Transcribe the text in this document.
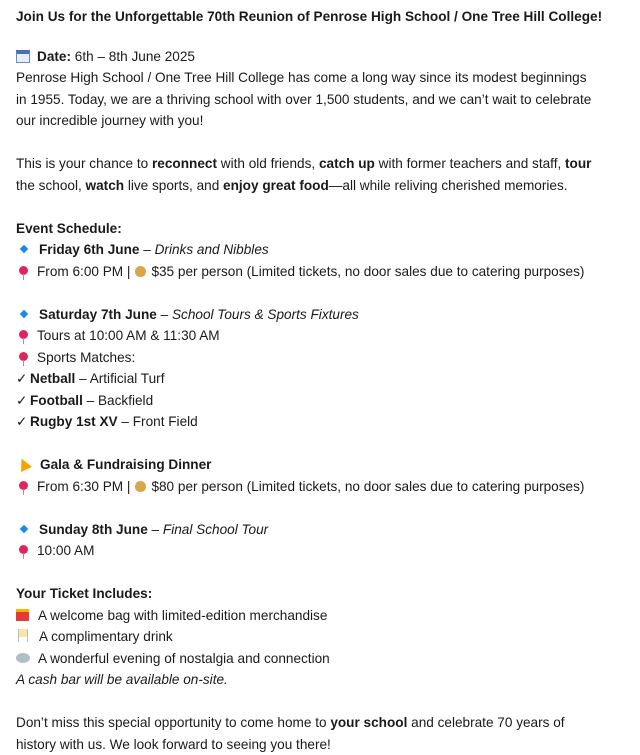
Join Us for the Unforgettable 70th Reunion of Penrose High School / One Tree Hill College!
Date: 6th – 8th June 2025
Penrose High School / One Tree Hill College has come a long way since its modest beginnings
in 1955. Today, we are a thriving school with over 1,500 students, and we can’t wait to celebrate
our incredible journey with you!
This is your chance to reconnect with old friends, catch up with former teachers and staff, tour
the school, watch live sports, and enjoy great food—all while reliving cherished memories.
Event Schedule:
Friday 6th June – Drinks and Nibbles
From 6:00 PM | $35 per person (Limited tickets, no door sales due to catering purposes)
Saturday 7th June – School Tours & Sports Fixtures
Tours at 10:00 AM & 11:30 AM
Sports Matches:
✓ Netball – Artificial Turf
✓ Football – Backfield
✓ Rugby 1st XV – Front Field
Gala & Fundraising Dinner
From 6:30 PM | $80 per person (Limited tickets, no door sales due to catering purposes)
Sunday 8th June – Final School Tour
10:00 AM
Your Ticket Includes:
A welcome bag with limited-edition merchandise
A complimentary drink
A wonderful evening of nostalgia and connection
A cash bar will be available on-site.
Don’t miss this special opportunity to come home to your school and celebrate 70 years of
history with us. We look forward to seeing you there!
